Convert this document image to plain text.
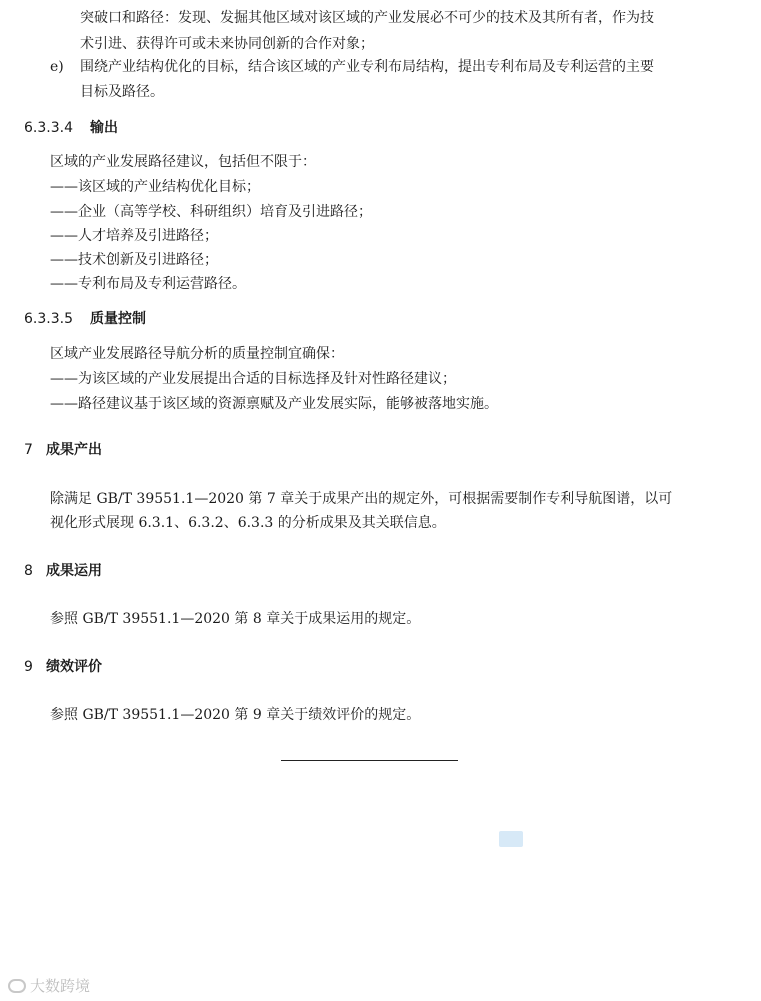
突破口和路径：发现、发掘其他区域对该区域的产业发展必不可少的技术及其所有者，作为技
术引进、获得许可或未来协同创新的合作对象；
e) 围绕产业结构优化的目标，结合该区域的产业专利布局结构，提出专利布局及专利运营的主要
目标及路径。
6.3.3.4 输出
区域的产业发展路径建议，包括但不限于：
——该区域的产业结构优化目标；
——企业（高等学校、科研组织）培育及引进路径；
——人才培养及引进路径；
——技术创新及引进路径；
——专利布局及专利运营路径。
6.3.3.5 质量控制
区域产业发展路径导航分析的质量控制宜确保：
——为该区域的产业发展提出合适的目标选择及针对性路径建议；
——路径建议基于该区域的资源禀赋及产业发展实际，能够被落地实施。
7 成果产出
除满足 GB/T 39551.1—2020 第 7 章关于成果产出的规定外，可根据需要制作专利导航图谱，以可
视化形式展现 6.3.1、6.3.2、6.3.3 的分析成果及其关联信息。
8 成果运用
参照 GB/T 39551.1—2020 第 8 章关于成果运用的规定。
9 绩效评价
参照 GB/T 39551.1—2020 第 9 章关于绩效评价的规定。
大数跨境
